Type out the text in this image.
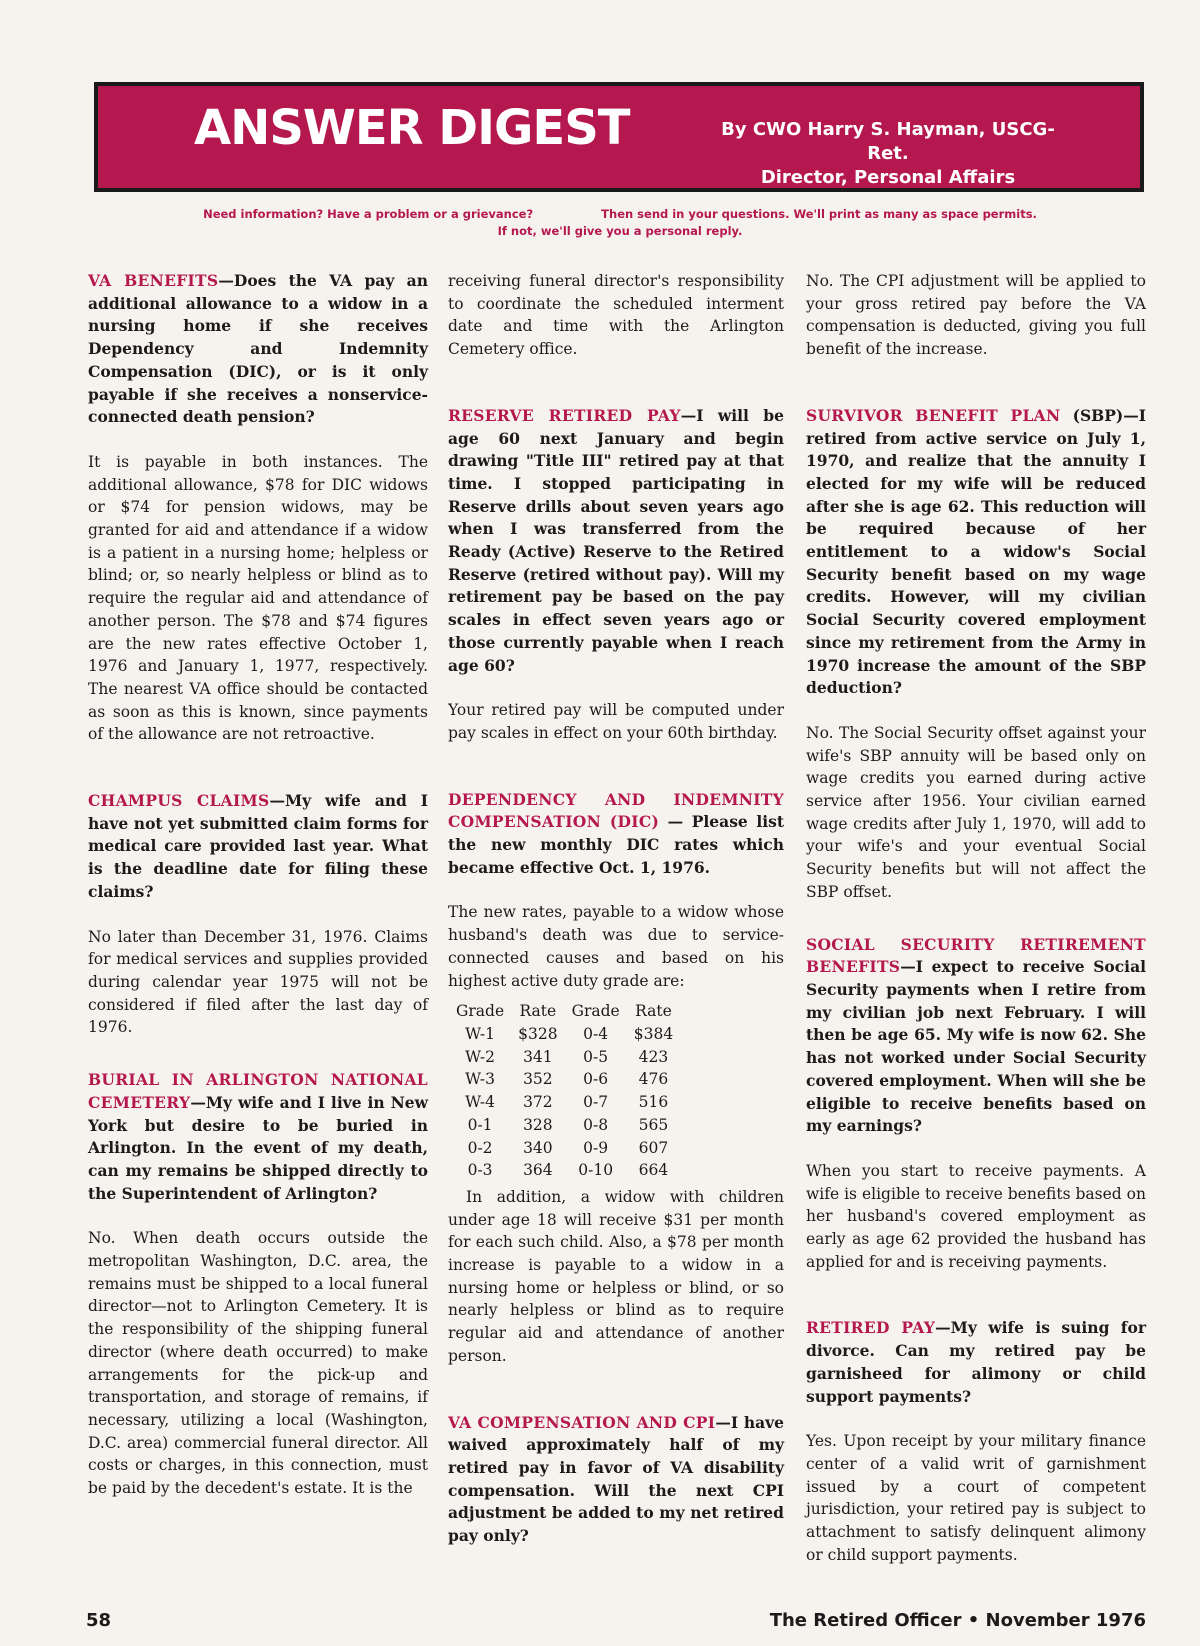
ANSWER DIGEST	By CWO Harry S. Hayman, USCG-Ret.
Director, Personal Affairs
Need information? Have a problem or a grievance?	Then send in your questions. We'll print as many as space permits.
If not, we'll give you a personal reply.

VA BENEFITS—Does the VA pay an additional allowance to a widow in a nursing home if she receives Dependency and Indemnity Compensation (DIC), or is it only payable if she receives a nonservice-connected death pension?

It is payable in both instances. The additional allowance, $78 for DIC widows or $74 for pension widows, may be granted for aid and attendance if a widow is a patient in a nursing home; helpless or blind; or, so nearly helpless or blind as to require the regular aid and attendance of another person. The $78 and $74 figures are the new rates effective October 1, 1976 and January 1, 1977, respectively. The nearest VA office should be contacted as soon as this is known, since payments of the allowance are not retroactive.

CHAMPUS CLAIMS—My wife and I have not yet submitted claim forms for medical care provided last year. What is the deadline date for filing these claims?

No later than December 31, 1976. Claims for medical services and supplies provided during calendar year 1975 will not be considered if filed after the last day of 1976.

BURIAL IN ARLINGTON NATIONAL CEMETERY—My wife and I live in New York but desire to be buried in Arlington. In the event of my death, can my remains be shipped directly to the Superintendent of Arlington?

No. When death occurs outside the metropolitan Washington, D.C. area, the remains must be shipped to a local funeral director—not to Arlington Cemetery. It is the responsibility of the shipping funeral director (where death occurred) to make arrangements for the pick-up and transportation, and storage of remains, if necessary, utilizing a local (Washington, D.C. area) commercial funeral director. All costs or charges, in this connection, must be paid by the decedent's estate. It is the

receiving funeral director's responsibility to coordinate the scheduled interment date and time with the Arlington Cemetery office.

RESERVE RETIRED PAY—I will be age 60 next January and begin drawing "Title III" retired pay at that time. I stopped participating in Reserve drills about seven years ago when I was transferred from the Ready (Active) Reserve to the Retired Reserve (retired without pay). Will my retirement pay be based on the pay scales in effect seven years ago or those currently payable when I reach age 60?

Your retired pay will be computed under pay scales in effect on your 60th birthday.

DEPENDENCY AND INDEMNITY COMPENSATION (DIC) — Please list the new monthly DIC rates which became effective Oct. 1, 1976.

The new rates, payable to a widow whose husband's death was due to service-connected causes and based on his highest active duty grade are:

Grade	Rate	Grade	Rate
W-1	$328	0-4	$384
W-2	341	0-5	423
W-3	352	0-6	476
W-4	372	0-7	516
0-1	328	0-8	565
0-2	340	0-9	607
0-3	364	0-10	664

In addition, a widow with children under age 18 will receive $31 per month for each such child. Also, a $78 per month increase is payable to a widow in a nursing home or helpless or blind, or so nearly helpless or blind as to require regular aid and attendance of another person.

VA COMPENSATION AND CPI—I have waived approximately half of my retired pay in favor of VA disability compensation. Will the next CPI adjustment be added to my net retired pay only?

No. The CPI adjustment will be applied to your gross retired pay before the VA compensation is deducted, giving you full benefit of the increase.

SURVIVOR BENEFIT PLAN (SBP)—I retired from active service on July 1, 1970, and realize that the annuity I elected for my wife will be reduced after she is age 62. This reduction will be required because of her entitlement to a widow's Social Security benefit based on my wage credits. However, will my civilian Social Security covered employment since my retirement from the Army in 1970 increase the amount of the SBP deduction?

No. The Social Security offset against your wife's SBP annuity will be based only on wage credits you earned during active service after 1956. Your civilian earned wage credits after July 1, 1970, will add to your wife's and your eventual Social Security benefits but will not affect the SBP offset.

SOCIAL SECURITY RETIREMENT BENEFITS—I expect to receive Social Security payments when I retire from my civilian job next February. I will then be age 65. My wife is now 62. She has not worked under Social Security covered employment. When will she be eligible to receive benefits based on my earnings?

When you start to receive payments. A wife is eligible to receive benefits based on her husband's covered employment as early as age 62 provided the husband has applied for and is receiving payments.

RETIRED PAY—My wife is suing for divorce. Can my retired pay be garnisheed for alimony or child support payments?

Yes. Upon receipt by your military finance center of a valid writ of garnishment issued by a court of competent jurisdiction, your retired pay is subject to attachment to satisfy delinquent alimony or child support payments.

58	The Retired Officer • November 1976
